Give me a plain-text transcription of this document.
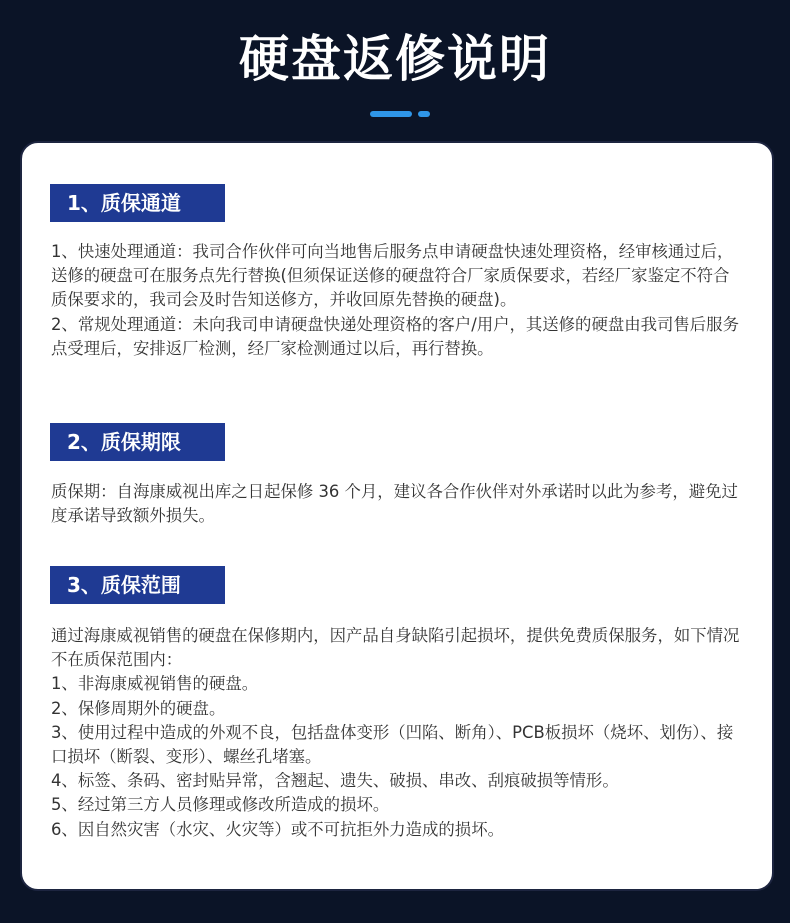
硬盘返修说明
1、质保通道

1、快速处理通道：我司合作伙伴可向当地售后服务点申请硬盘快速处理资格，经审核通过后，送修的硬盘可在服务点先行替换(但须保证送修的硬盘符合厂家质保要求，若经厂家鉴定不符合质保要求的，我司会及时告知送修方，并收回原先替换的硬盘)。

2、常规处理通道：未向我司申请硬盘快递处理资格的客户/用户，其送修的硬盘由我司售后服务点受理后，安排返厂检测，经厂家检测通过以后，再行替换。

2、质保期限

质保期：自海康威视出库之日起保修 36 个月，建议各合作伙伴对外承诺时以此为参考，避免过度承诺导致额外损失。

3、质保范围

通过海康威视销售的硬盘在保修期内，因产品自身缺陷引起损坏，提供免费质保服务，如下情况不在质保范围内：

1、非海康威视销售的硬盘。

2、保修周期外的硬盘。

3、使用过程中造成的外观不良，包括盘体变形（凹陷、断角）、PCB板损坏（烧坏、划伤）、接口损坏（断裂、变形）、螺丝孔堵塞。

4、标签、条码、密封贴异常，含翘起、遗失、破损、串改、刮痕破损等情形。

5、经过第三方人员修理或修改所造成的损坏。

6、因自然灾害（水灾、火灾等）或不可抗拒外力造成的损坏。
